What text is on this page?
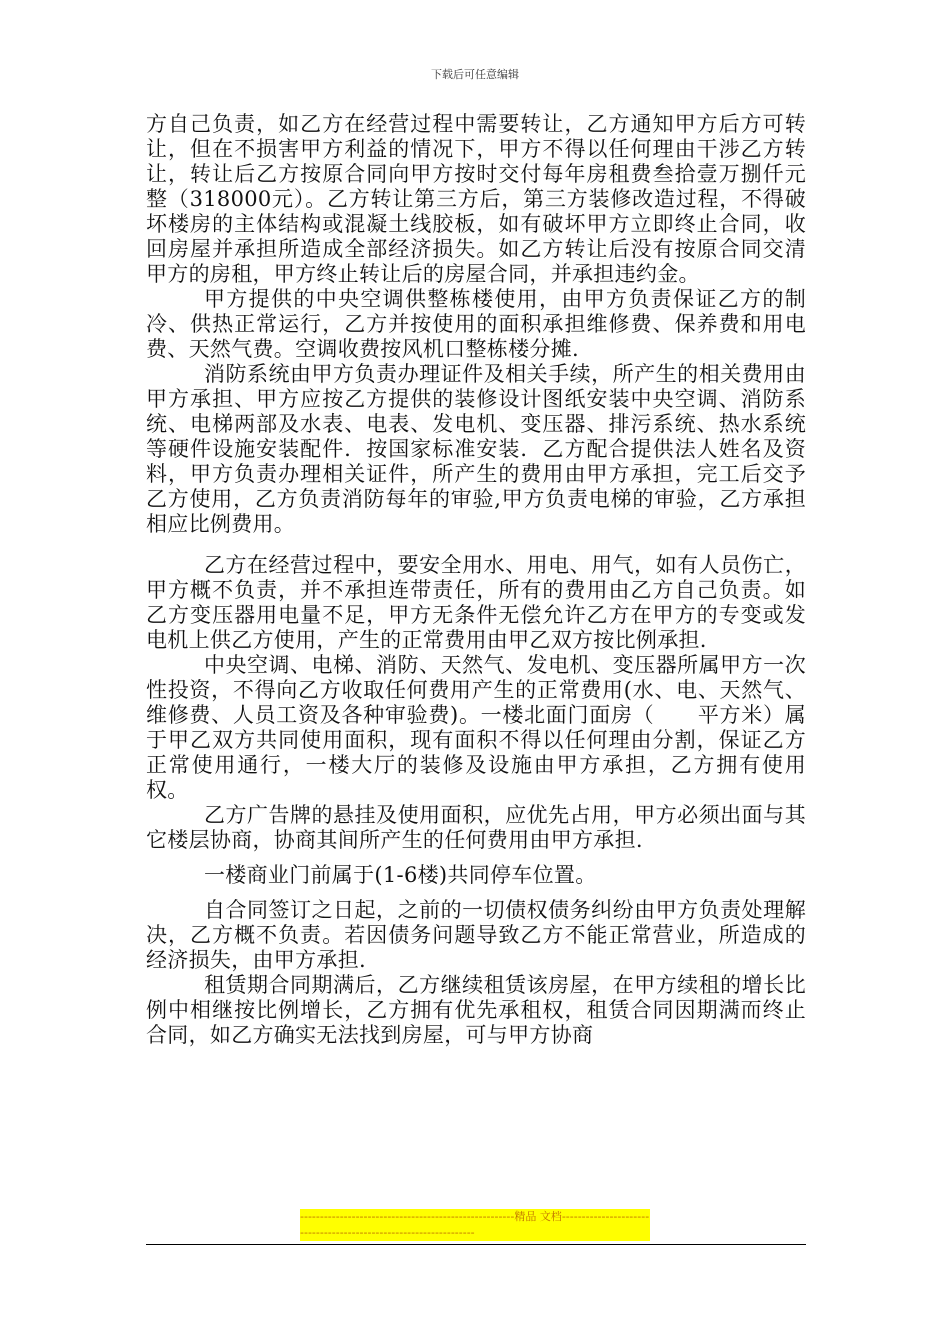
下载后可任意编辑

方自己负责，如乙方在经营过程中需要转让，乙方通知甲方后方可转让，但在不损害甲方利益的情况下，甲方不得以任何理由干涉乙方转让，转让后乙方按原合同向甲方按时交付每年房租费叁拾壹万捌仟元整（318000元）。乙方转让第三方后，第三方装修改造过程，不得破坏楼房的主体结构或混凝土线胶板，如有破坏甲方立即终止合同，收回房屋并承担所造成全部经济损失。如乙方转让后没有按原合同交清甲方的房租，甲方终止转让后的房屋合同，并承担违约金。

甲方提供的中央空调供整栋楼使用，由甲方负责保证乙方的制冷、供热正常运行，乙方并按使用的面积承担维修费、保养费和用电费、天然气费。空调收费按风机口整栋楼分摊.

消防系统由甲方负责办理证件及相关手续，所产生的相关费用由甲方承担、甲方应按乙方提供的装修设计图纸安装中央空调、消防系统、电梯两部及水表、电表、发电机、变压器、排污系统、热水系统等硬件设施安装配件．按国家标准安装．乙方配合提供法人姓名及资料，甲方负责办理相关证件，所产生的费用由甲方承担，完工后交予乙方使用，乙方负责消防每年的审验,甲方负责电梯的审验，乙方承担相应比例费用。

乙方在经营过程中，要安全用水、用电、用气，如有人员伤亡，甲方概不负责，并不承担连带责任，所有的费用由乙方自己负责。如乙方变压器用电量不足，甲方无条件无偿允许乙方在甲方的专变或发电机上供乙方使用，产生的正常费用由甲乙双方按比例承担.

中央空调、电梯、消防、天然气、发电机、变压器所属甲方一次性投资，不得向乙方收取任何费用产生的正常费用(水、电、天然气、维修费、人员工资及各种审验费)。一楼北面门面房（　　平方米）属于甲乙双方共同使用面积，现有面积不得以任何理由分割，保证乙方正常使用通行，一楼大厅的装修及设施由甲方承担，乙方拥有使用权。

乙方广告牌的悬挂及使用面积，应优先占用，甲方必须出面与其它楼层协商，协商其间所产生的任何费用由甲方承担.

一楼商业门前属于(1-6楼)共同停车位置。

自合同签订之日起，之前的一切债权债务纠纷由甲方负责处理解决，乙方概不负责。若因债务问题导致乙方不能正常营业，所造成的经济损失，由甲方承担.

租赁期合同期满后，乙方继续租赁该房屋，在甲方续租的增长比例中相继按比例增长，乙方拥有优先承租权，租赁合同因期满而终止合同，如乙方确实无法找到房屋，可与甲方协商

------------------------------------------------------精品 文档------------------------------------------------------------------
